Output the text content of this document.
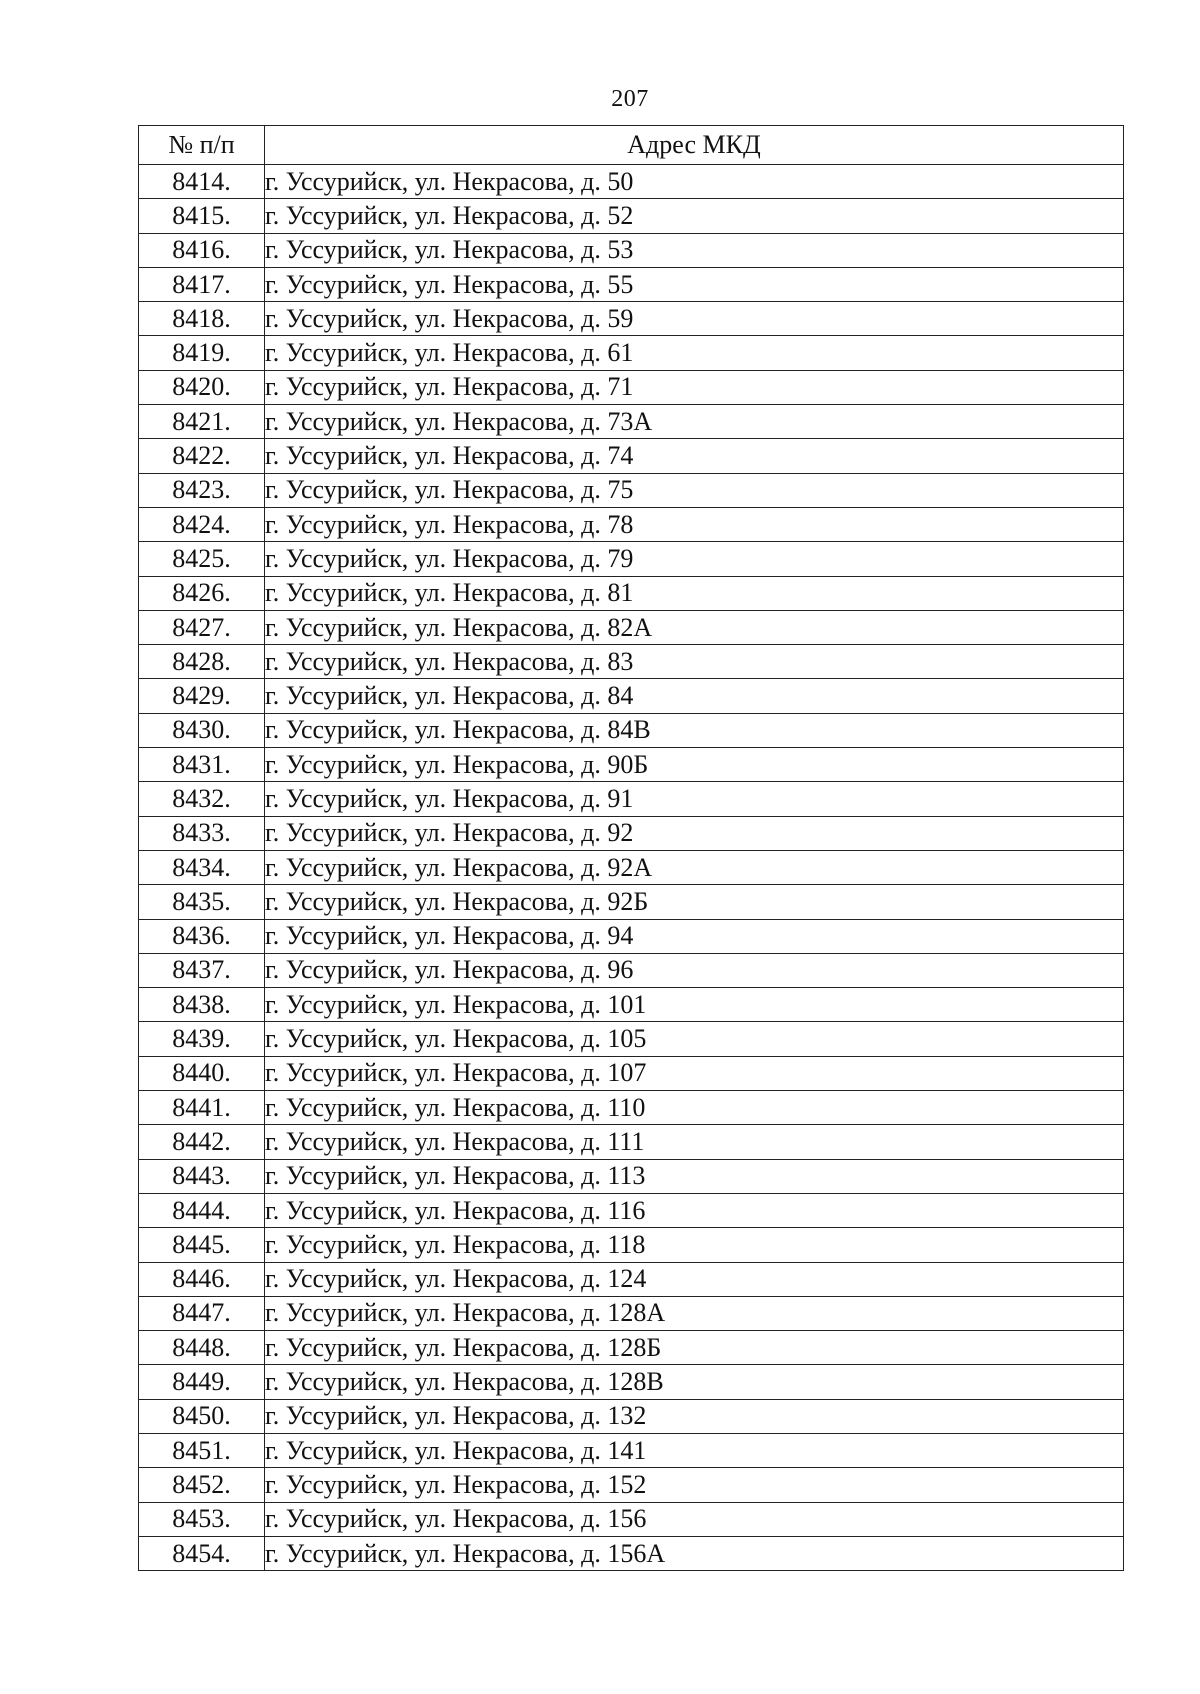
207
№ п/п	Адрес МКД
8414.	г. Уссурийск, ул. Некрасова, д. 50
8415.	г. Уссурийск, ул. Некрасова, д. 52
8416.	г. Уссурийск, ул. Некрасова, д. 53
8417.	г. Уссурийск, ул. Некрасова, д. 55
8418.	г. Уссурийск, ул. Некрасова, д. 59
8419.	г. Уссурийск, ул. Некрасова, д. 61
8420.	г. Уссурийск, ул. Некрасова, д. 71
8421.	г. Уссурийск, ул. Некрасова, д. 73А
8422.	г. Уссурийск, ул. Некрасова, д. 74
8423.	г. Уссурийск, ул. Некрасова, д. 75
8424.	г. Уссурийск, ул. Некрасова, д. 78
8425.	г. Уссурийск, ул. Некрасова, д. 79
8426.	г. Уссурийск, ул. Некрасова, д. 81
8427.	г. Уссурийск, ул. Некрасова, д. 82А
8428.	г. Уссурийск, ул. Некрасова, д. 83
8429.	г. Уссурийск, ул. Некрасова, д. 84
8430.	г. Уссурийск, ул. Некрасова, д. 84В
8431.	г. Уссурийск, ул. Некрасова, д. 90Б
8432.	г. Уссурийск, ул. Некрасова, д. 91
8433.	г. Уссурийск, ул. Некрасова, д. 92
8434.	г. Уссурийск, ул. Некрасова, д. 92А
8435.	г. Уссурийск, ул. Некрасова, д. 92Б
8436.	г. Уссурийск, ул. Некрасова, д. 94
8437.	г. Уссурийск, ул. Некрасова, д. 96
8438.	г. Уссурийск, ул. Некрасова, д. 101
8439.	г. Уссурийск, ул. Некрасова, д. 105
8440.	г. Уссурийск, ул. Некрасова, д. 107
8441.	г. Уссурийск, ул. Некрасова, д. 110
8442.	г. Уссурийск, ул. Некрасова, д. 111
8443.	г. Уссурийск, ул. Некрасова, д. 113
8444.	г. Уссурийск, ул. Некрасова, д. 116
8445.	г. Уссурийск, ул. Некрасова, д. 118
8446.	г. Уссурийск, ул. Некрасова, д. 124
8447.	г. Уссурийск, ул. Некрасова, д. 128А
8448.	г. Уссурийск, ул. Некрасова, д. 128Б
8449.	г. Уссурийск, ул. Некрасова, д. 128В
8450.	г. Уссурийск, ул. Некрасова, д. 132
8451.	г. Уссурийск, ул. Некрасова, д. 141
8452.	г. Уссурийск, ул. Некрасова, д. 152
8453.	г. Уссурийск, ул. Некрасова, д. 156
8454.	г. Уссурийск, ул. Некрасова, д. 156А
